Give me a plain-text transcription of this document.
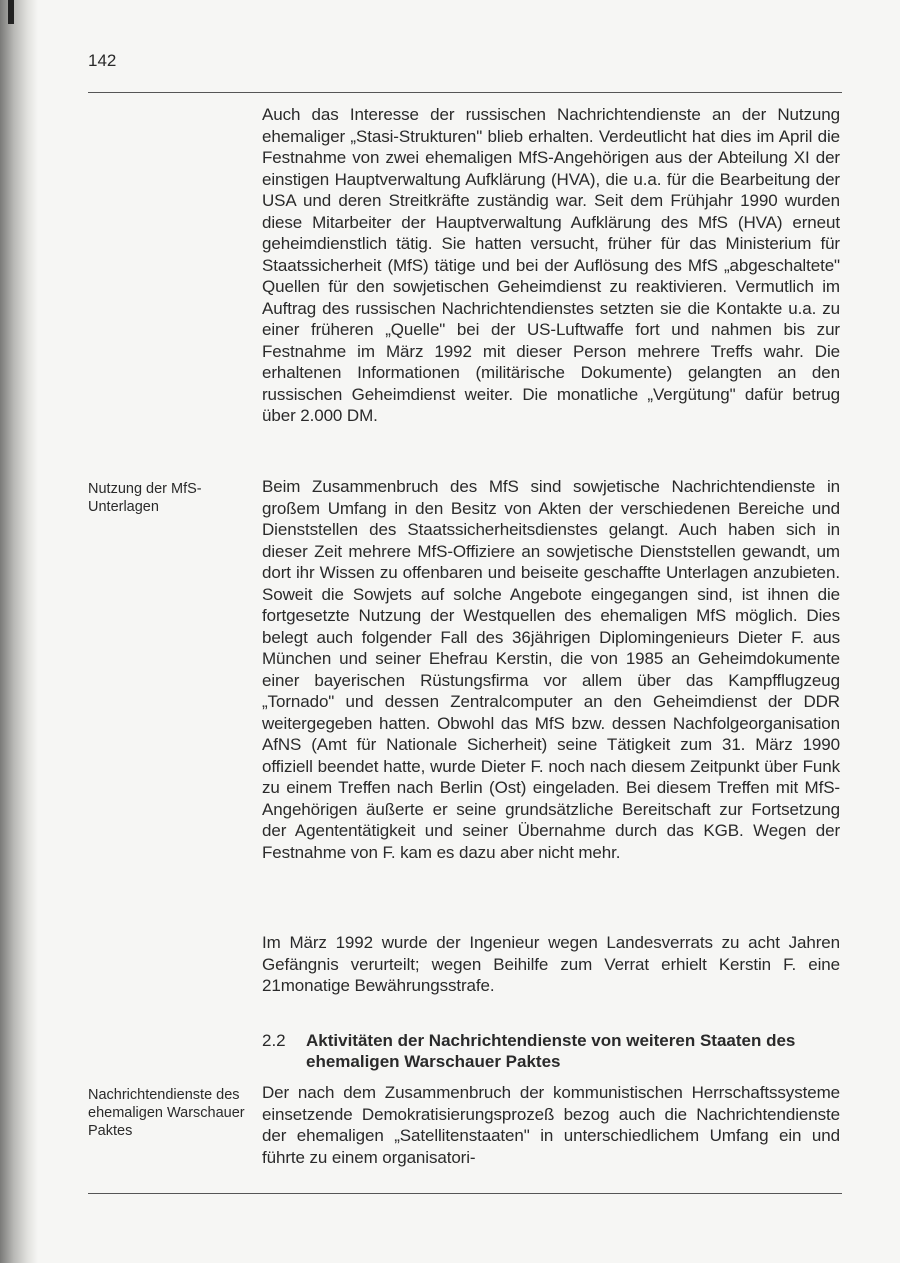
142

Auch das Interesse der russischen Nachrichtendienste an der Nutzung ehemaliger „Stasi-Strukturen" blieb erhalten. Verdeutlicht hat dies im April die Festnahme von zwei ehemaligen MfS-Angehörigen aus der Abteilung XI der einstigen Hauptverwaltung Aufklärung (HVA), die u.a. für die Bearbeitung der USA und deren Streitkräfte zuständig war. Seit dem Frühjahr 1990 wurden diese Mitarbeiter der Hauptverwaltung Aufklärung des MfS (HVA) erneut geheimdienstlich tätig. Sie hatten versucht, früher für das Ministerium für Staatssicherheit (MfS) tätige und bei der Auflösung des MfS „abgeschaltete" Quellen für den sowjetischen Geheimdienst zu reaktivieren. Vermutlich im Auftrag des russischen Nachrichtendienstes setzten sie die Kontakte u.a. zu einer früheren „Quelle" bei der US-Luftwaffe fort und nahmen bis zur Festnahme im März 1992 mit dieser Person mehrere Treffs wahr. Die erhaltenen Informationen (militärische Dokumente) gelangten an den russischen Geheimdienst weiter. Die monatliche „Vergütung" dafür betrug über 2.000 DM.

Nutzung der MfS-Unterlagen

Beim Zusammenbruch des MfS sind sowjetische Nachrichtendienste in großem Umfang in den Besitz von Akten der verschiedenen Bereiche und Dienststellen des Staatssicherheitsdienstes gelangt. Auch haben sich in dieser Zeit mehrere MfS-Offiziere an sowjetische Dienststellen gewandt, um dort ihr Wissen zu offenbaren und beiseite geschaffte Unterlagen anzubieten. Soweit die Sowjets auf solche Angebote eingegangen sind, ist ihnen die fortgesetzte Nutzung der Westquellen des ehemaligen MfS möglich. Dies belegt auch folgender Fall des 36jährigen Diplomingenieurs Dieter F. aus München und seiner Ehefrau Kerstin, die von 1985 an Geheimdokumente einer bayerischen Rüstungsfirma vor allem über das Kampfflugzeug „Tornado" und dessen Zentralcomputer an den Geheimdienst der DDR weitergegeben hatten. Obwohl das MfS bzw. dessen Nachfolgeorganisation AfNS (Amt für Nationale Sicherheit) seine Tätigkeit zum 31. März 1990 offiziell beendet hatte, wurde Dieter F. noch nach diesem Zeitpunkt über Funk zu einem Treffen nach Berlin (Ost) eingeladen. Bei diesem Treffen mit MfS-Angehörigen äußerte er seine grundsätzliche Bereitschaft zur Fortsetzung der Agententätigkeit und seiner Übernahme durch das KGB. Wegen der Festnahme von F. kam es dazu aber nicht mehr.

Im März 1992 wurde der Ingenieur wegen Landesverrats zu acht Jahren Gefängnis verurteilt; wegen Beihilfe zum Verrat erhielt Kerstin F. eine 21monatige Bewährungsstrafe.

2.2 Aktivitäten der Nachrichtendienste von weiteren Staaten des ehemaligen Warschauer Paktes

Nachrichtendienste des ehemaligen Warschauer Paktes

Der nach dem Zusammenbruch der kommunistischen Herrschaftssysteme einsetzende Demokratisierungsprozeß bezog auch die Nachrichtendienste der ehemaligen „Satellitenstaaten" in unterschiedlichem Umfang ein und führte zu einem organisatori-
